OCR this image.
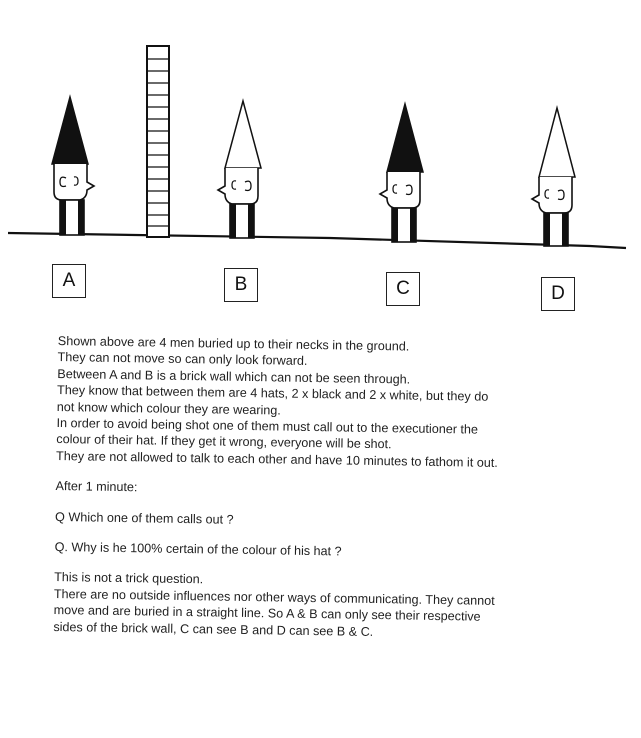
A	B	C	D

Shown above are 4 men buried up to their necks in the ground.

They can not move so can only look forward.

Between A and B is a brick wall which can not be seen through.

They know that between them are 4 hats, 2 x black and 2 x white, but they do

not know which colour they are wearing.

In order to avoid being shot one of them must call out to the executioner the

colour of their hat. If they get it wrong, everyone will be shot.

They are not allowed to talk to each other and have 10 minutes to fathom it out.

After 1 minute:

Q Which one of them calls out ?

Q. Why is he 100% certain of the colour of his hat ?

This is not a trick question.

There are no outside influences nor other ways of communicating. They cannot

move and are buried in a straight line. So A & B can only see their respective

sides of the brick wall, C can see B and D can see B & C.
